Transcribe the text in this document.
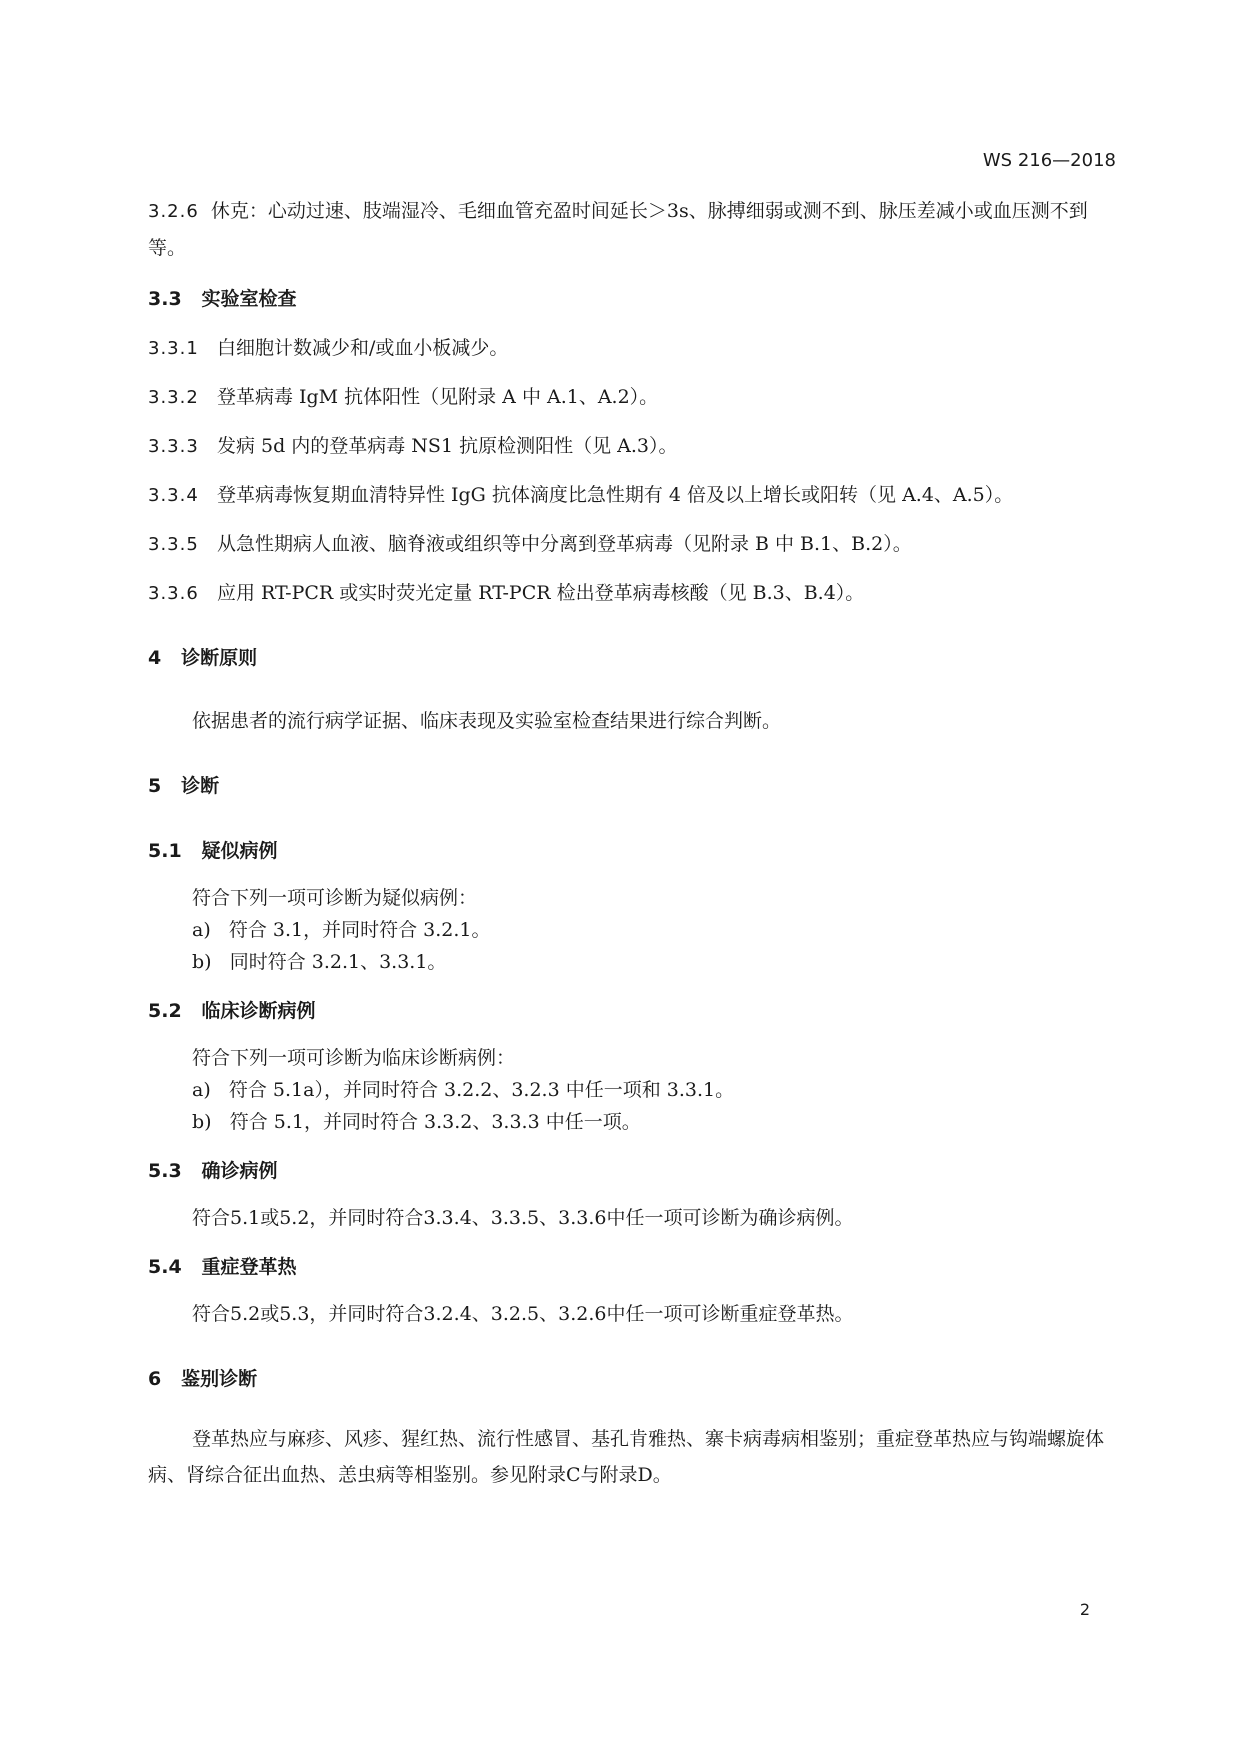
WS 216—2018
3.2.6 休克：心动过速、肢端湿冷、毛细血管充盈时间延长＞3s、脉搏细弱或测不到、脉压差减小或血压测不到等。
3.3 实验室检查
3.3.1 白细胞计数减少和/或血小板减少。
3.3.2 登革病毒 IgM 抗体阳性（见附录 A 中 A.1、A.2）。
3.3.3 发病 5d 内的登革病毒 NS1 抗原检测阳性（见 A.3）。
3.3.4 登革病毒恢复期血清特异性 IgG 抗体滴度比急性期有 4 倍及以上增长或阳转（见 A.4、A.5）。
3.3.5 从急性期病人血液、脑脊液或组织等中分离到登革病毒（见附录 B 中 B.1、B.2）。
3.3.6 应用 RT-PCR 或实时荧光定量 RT-PCR 检出登革病毒核酸（见 B.3、B.4）。
4 诊断原则
依据患者的流行病学证据、临床表现及实验室检查结果进行综合判断。
5 诊断
5.1 疑似病例
符合下列一项可诊断为疑似病例：
a) 符合 3.1，并同时符合 3.2.1。
b) 同时符合 3.2.1、3.3.1。
5.2 临床诊断病例
符合下列一项可诊断为临床诊断病例：
a) 符合 5.1a），并同时符合 3.2.2、3.2.3 中任一项和 3.3.1。
b) 符合 5.1，并同时符合 3.3.2、3.3.3 中任一项。
5.3 确诊病例
符合5.1或5.2，并同时符合3.3.4、3.3.5、3.3.6中任一项可诊断为确诊病例。
5.4 重症登革热
符合5.2或5.3，并同时符合3.2.4、3.2.5、3.2.6中任一项可诊断重症登革热。
6 鉴别诊断
登革热应与麻疹、风疹、猩红热、流行性感冒、基孔肯雅热、寨卡病毒病相鉴别；重症登革热应与钩端螺旋体病、肾综合征出血热、恙虫病等相鉴别。参见附录C与附录D。
2
